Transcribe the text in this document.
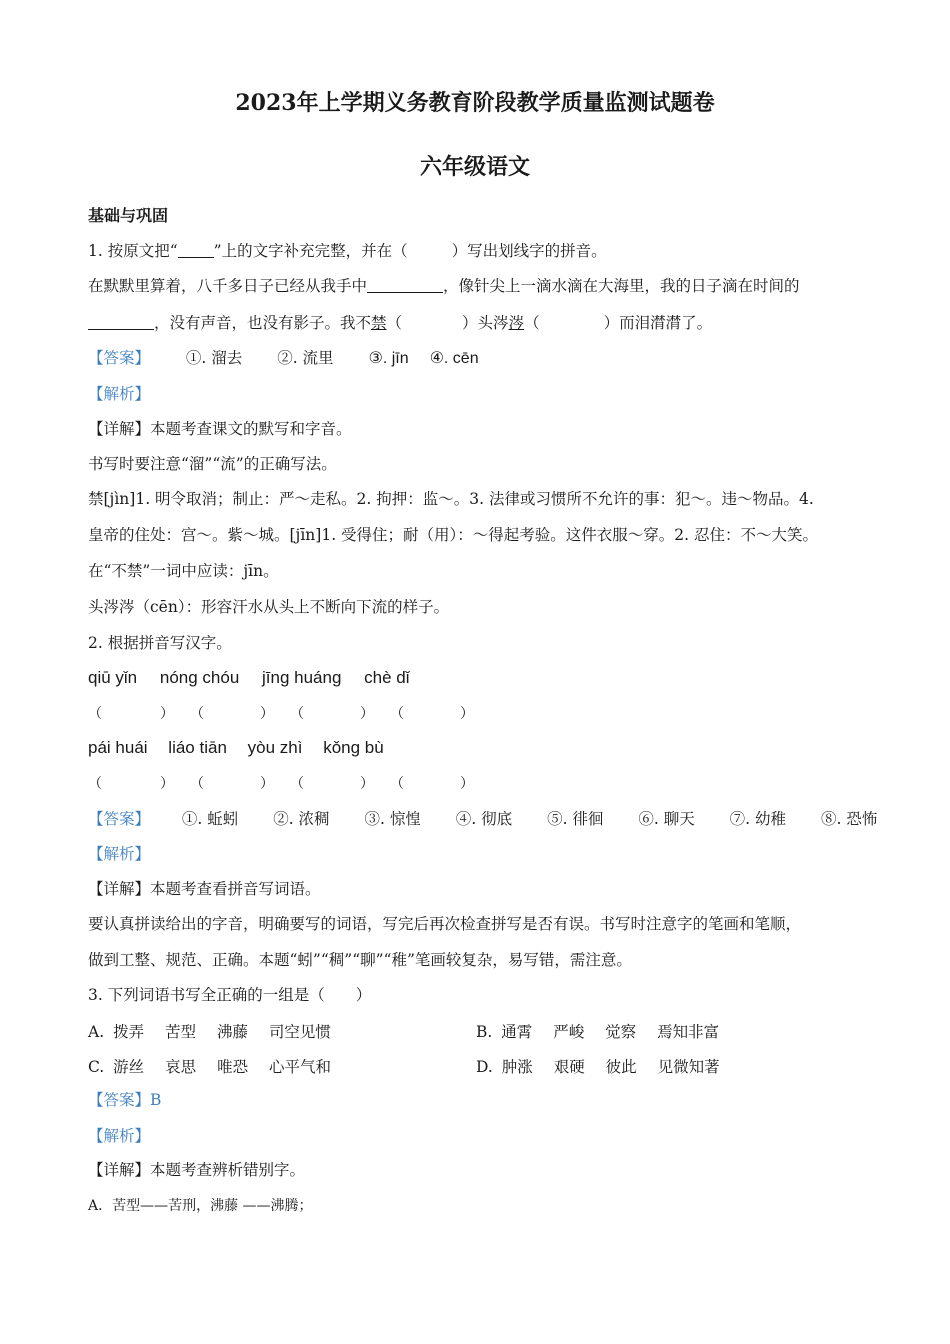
2023年上学期义务教育阶段教学质量监测试题卷
六年级语文
基础与巩固
1. 按原文把“ ”上的文字补充完整，并在（	）写出划线字的拼音。
在默默里算着，八千多日子已经从我手中	，像针尖上一滴水滴在大海里，我的日子滴在时间的
，没有声音，也没有影子。我不禁（	）头涔涔（	）而泪潸潸了。
【答案】 ①. 溜去 ②. 流里 ③. jīn ④. cēn
【解析】
【详解】本题考查课文的默写和字音。
书写时要注意“溜”“流”的正确写法。
禁[jìn]1. 明令取消；制止：严～走私。2. 拘押：监～。3. 法律或习惯所不允许的事：犯～。违～物品。4.
皇帝的住处：宫～。紫～城。[jīn]1. 受得住；耐（用）：～得起考验。这件衣服～穿。2. 忍住：不～大笑。
在“不禁”一词中应读：jīn。
头涔涔（cēn）：形容汗水从头上不断向下流的样子。
2. 根据拼音写汉字。
qiū yǐn nóng chóu jīng huáng chè dǐ
（	） （	） （	） （	）
pái huái liáo tiān yòu zhì kǒng bù
（	） （	） （	） （	）
【答案】 ①. 蚯蚓 ②. 浓稠 ③. 惊惶 ④. 彻底 ⑤. 徘徊 ⑥. 聊天 ⑦. 幼稚 ⑧. 恐怖
【解析】
【详解】本题考查看拼音写词语。
要认真拼读给出的字音，明确要写的词语，写完后再次检查拼写是否有误。书写时注意字的笔画和笔顺，
做到工整、规范、正确。本题“蚓”“稠”“聊”“稚”笔画较复杂，易写错，需注意。
3. 下列词语书写全正确的一组是（　　）
A. 拨弄 苦型 沸藤 司空见惯	B. 通霄 严峻 觉察 焉知非富
C. 游丝 哀思 唯恐 心平气和	D. 肿涨 艰硬 彼此 见微知著
【答案】B
【解析】
【详解】本题考查辨析错别字。
A．苦型——苦刑，沸藤 ——沸腾；
